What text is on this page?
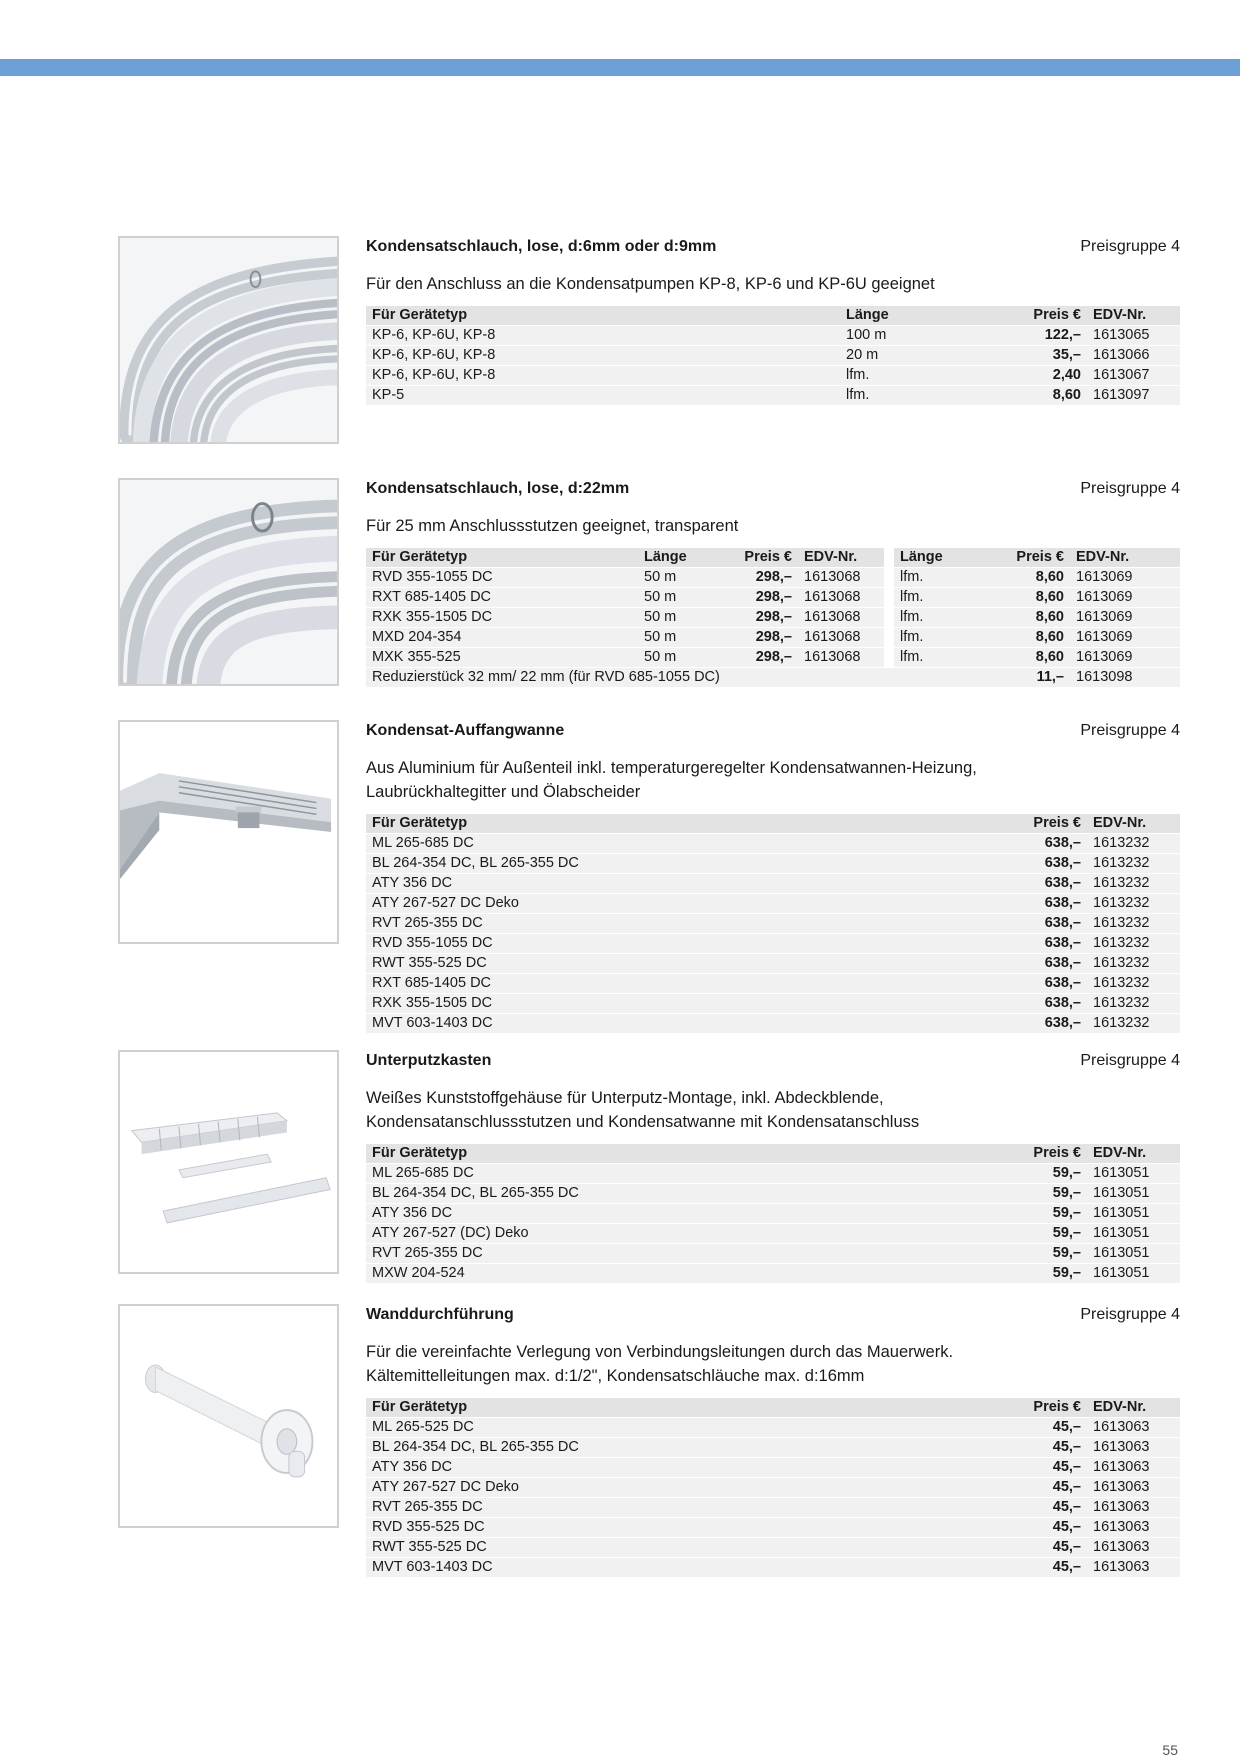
Kondensatschlauch, lose, d:6mm oder d:9mm	Preisgruppe 4
Für den Anschluss an die Kondensatpumpen KP-8, KP-6 und KP-6U geeignet
Für Gerätetyp	Länge	Preis €	EDV-Nr.
KP-6, KP-6U, KP-8	100 m	122,–	1613065
KP-6, KP-6U, KP-8	20 m	35,–	1613066
KP-6, KP-6U, KP-8	lfm.	2,40	1613067
KP-5	lfm.	8,60	1613097
Kondensatschlauch, lose, d:22mm	Preisgruppe 4
Für 25 mm Anschlussstutzen geeignet, transparent
Für Gerätetyp	Länge	Preis €	EDV-Nr.		Länge	Preis €	EDV-Nr.
RVD 355-1055 DC	50 m	298,–	1613068		lfm.	8,60	1613069
RXT 685-1405 DC	50 m	298,–	1613068		lfm.	8,60	1613069
RXK 355-1505 DC	50 m	298,–	1613068		lfm.	8,60	1613069
MXD 204-354	50 m	298,–	1613068		lfm.	8,60	1613069
MXK 355-525	50 m	298,–	1613068		lfm.	8,60	1613069
Reduzierstück 32 mm/ 22 mm (für RVD 685-1055 DC)						11,–	1613098
Kondensat-Auffangwanne	Preisgruppe 4
Aus Aluminium für Außenteil inkl. temperaturgeregelter Kondensatwannen-Heizung,
Laubrückhaltegitter und Ölabscheider
Für Gerätetyp	Preis €	EDV-Nr.
ML 265-685 DC	638,–	1613232
BL 264-354 DC, BL 265-355 DC	638,–	1613232
ATY 356 DC	638,–	1613232
ATY 267-527 DC Deko	638,–	1613232
RVT 265-355 DC	638,–	1613232
RVD 355-1055 DC	638,–	1613232
RWT 355-525 DC	638,–	1613232
RXT 685-1405 DC	638,–	1613232
RXK 355-1505 DC	638,–	1613232
MVT 603-1403 DC	638,–	1613232
Unterputzkasten	Preisgruppe 4
Weißes Kunststoffgehäuse für Unterputz-Montage, inkl. Abdeckblende,
Kondensatanschlussstutzen und Kondensatwanne mit Kondensatanschluss
Für Gerätetyp	Preis €	EDV-Nr.
ML 265-685 DC	59,–	1613051
BL 264-354 DC, BL 265-355 DC	59,–	1613051
ATY 356 DC	59,–	1613051
ATY 267-527 (DC) Deko	59,–	1613051
RVT 265-355 DC	59,–	1613051
MXW 204-524	59,–	1613051
Wanddurchführung	Preisgruppe 4
Für die vereinfachte Verlegung von Verbindungsleitungen durch das Mauerwerk.
Kältemittelleitungen max. d:1/2", Kondensatschläuche max. d:16mm
Für Gerätetyp	Preis €	EDV-Nr.
ML 265-525 DC	45,–	1613063
BL 264-354 DC, BL 265-355 DC	45,–	1613063
ATY 356 DC	45,–	1613063
ATY 267-527 DC Deko	45,–	1613063
RVT 265-355 DC	45,–	1613063
RVD 355-525 DC	45,–	1613063
RWT 355-525 DC	45,–	1613063
MVT 603-1403 DC	45,–	1613063
55
